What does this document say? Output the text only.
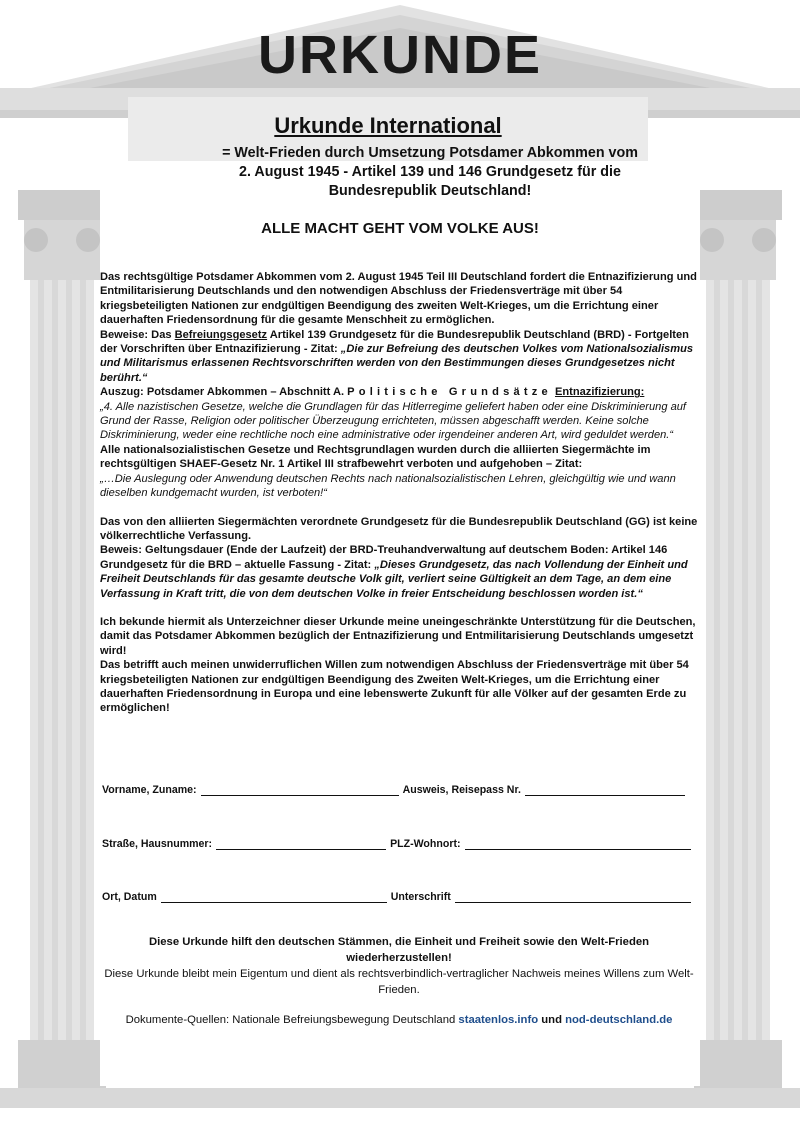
URKUNDE
Urkunde International
= Welt-Frieden durch Umsetzung Potsdamer Abkommen vom
2. August 1945 - Artikel 139 und 146 Grundgesetz für die
Bundesrepublik Deutschland!
ALLE MACHT GEHT VOM VOLKE AUS!

Das rechtsgültige Potsdamer Abkommen vom 2. August 1945 Teil III Deutschland fordert die Entnazifizierung und Entmilitarisierung Deutschlands und den notwendigen Abschluss der Friedensverträge mit über 54 kriegsbeteiligten Nationen zur endgültigen Beendigung des zweiten Welt-Krieges, um die Errichtung einer dauerhaften Friedensordnung für die gesamte Menschheit zu ermöglichen.

Beweise: Das Befreiungsgesetz Artikel 139 Grundgesetz für die Bundesrepublik Deutschland (BRD) - Fortgelten der Vorschriften über Entnazifizierung - Zitat: „Die zur Befreiung des deutschen Volkes vom Nationalsozialismus und Militarismus erlassenen Rechtsvorschriften werden von den Bestimmungen dieses Grundgesetzes nicht berührt.“

Auszug: Potsdamer Abkommen – Abschnitt A. Politische Grundsätze Entnazifizierung:

„4. Alle nazistischen Gesetze, welche die Grundlagen für das Hitlerregime geliefert haben oder eine Diskriminierung auf Grund der Rasse, Religion oder politischer Überzeugung errichteten, müssen abgeschafft werden. Keine solche Diskriminierung, weder eine rechtliche noch eine administrative oder irgendeiner anderen Art, wird geduldet werden.“

Alle nationalsozialistischen Gesetze und Rechtsgrundlagen wurden durch die alliierten Siegermächte im rechtsgültigen SHAEF-Gesetz Nr. 1 Artikel III strafbewehrt verboten und aufgehoben – Zitat:

„…Die Auslegung oder Anwendung deutschen Rechts nach nationalsozialistischen Lehren, gleichgültig wie und wann dieselben kundgemacht wurden, ist verboten!“

Das von den alliierten Siegermächten verordnete Grundgesetz für die Bundesrepublik Deutschland (GG) ist keine völkerrechtliche Verfassung.

Beweis: Geltungsdauer (Ende der Laufzeit) der BRD-Treuhandverwaltung auf deutschem Boden: Artikel 146 Grundgesetz für die BRD – aktuelle Fassung - Zitat: „Dieses Grundgesetz, das nach Vollendung der Einheit und Freiheit Deutschlands für das gesamte deutsche Volk gilt, verliert seine Gültigkeit an dem Tage, an dem eine Verfassung in Kraft tritt, die von dem deutschen Volke in freier Entscheidung beschlossen worden ist.“

Ich bekunde hiermit als Unterzeichner dieser Urkunde meine uneingeschränkte Unterstützung für die Deutschen, damit das Potsdamer Abkommen bezüglich der Entnazifizierung und Entmilitarisierung Deutschlands umgesetzt wird!

Das betrifft auch meinen unwiderruflichen Willen zum notwendigen Abschluss der Friedensverträge mit über 54 kriegsbeteiligten Nationen zur endgültigen Beendigung des Zweiten Welt-Krieges, um die Errichtung einer dauerhaften Friedensordnung in Europa und eine lebenswerte Zukunft für alle Völker auf der gesamten Erde zu ermöglichen!

Vorname, Zuname:	Ausweis, Reisepass Nr.
Straße, Hausnummer:	PLZ-Wohnort:
Ort, Datum	Unterschrift

Diese Urkunde hilft den deutschen Stämmen, die Einheit und Freiheit sowie den Welt-Frieden wiederherzustellen!

Diese Urkunde bleibt mein Eigentum und dient als rechtsverbindlich-vertraglicher Nachweis meines Willens zum Welt-Frieden.

Dokumente-Quellen: Nationale Befreiungsbewegung Deutschland staatenlos.info und nod-deutschland.de
